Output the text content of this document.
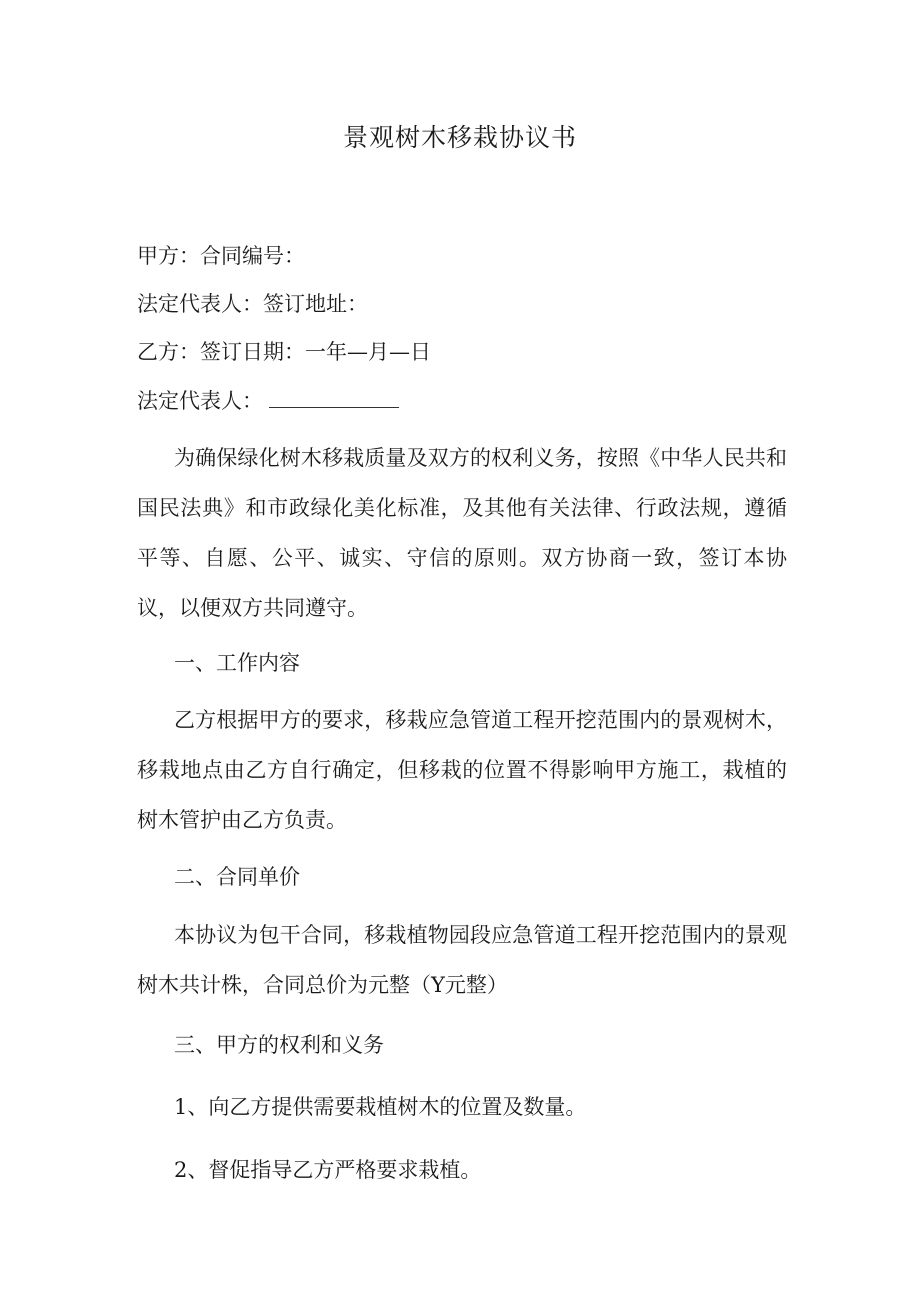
景观树木移栽协议书
甲方：合同编号：
法定代表人：签订地址：
乙方：签订日期：一年—月—日
法定代表人：

为确保绿化树木移栽质量及双方的权利义务，按照《中华人民共和国民法典》和市政绿化美化标准，及其他有关法律、行政法规，遵循平等、自愿、公平、诚实、守信的原则。双方协商一致，签订本协议，以便双方共同遵守。

一、工作内容

乙方根据甲方的要求，移栽应急管道工程开挖范围内的景观树木，移栽地点由乙方自行确定，但移栽的位置不得影响甲方施工，栽植的树木管护由乙方负责。

二、合同单价

本协议为包干合同，移栽植物园段应急管道工程开挖范围内的景观树木共计株，合同总价为元整（Y元整）

三、甲方的权利和义务
1、向乙方提供需要栽植树木的位置及数量。
2、督促指导乙方严格要求栽植。
